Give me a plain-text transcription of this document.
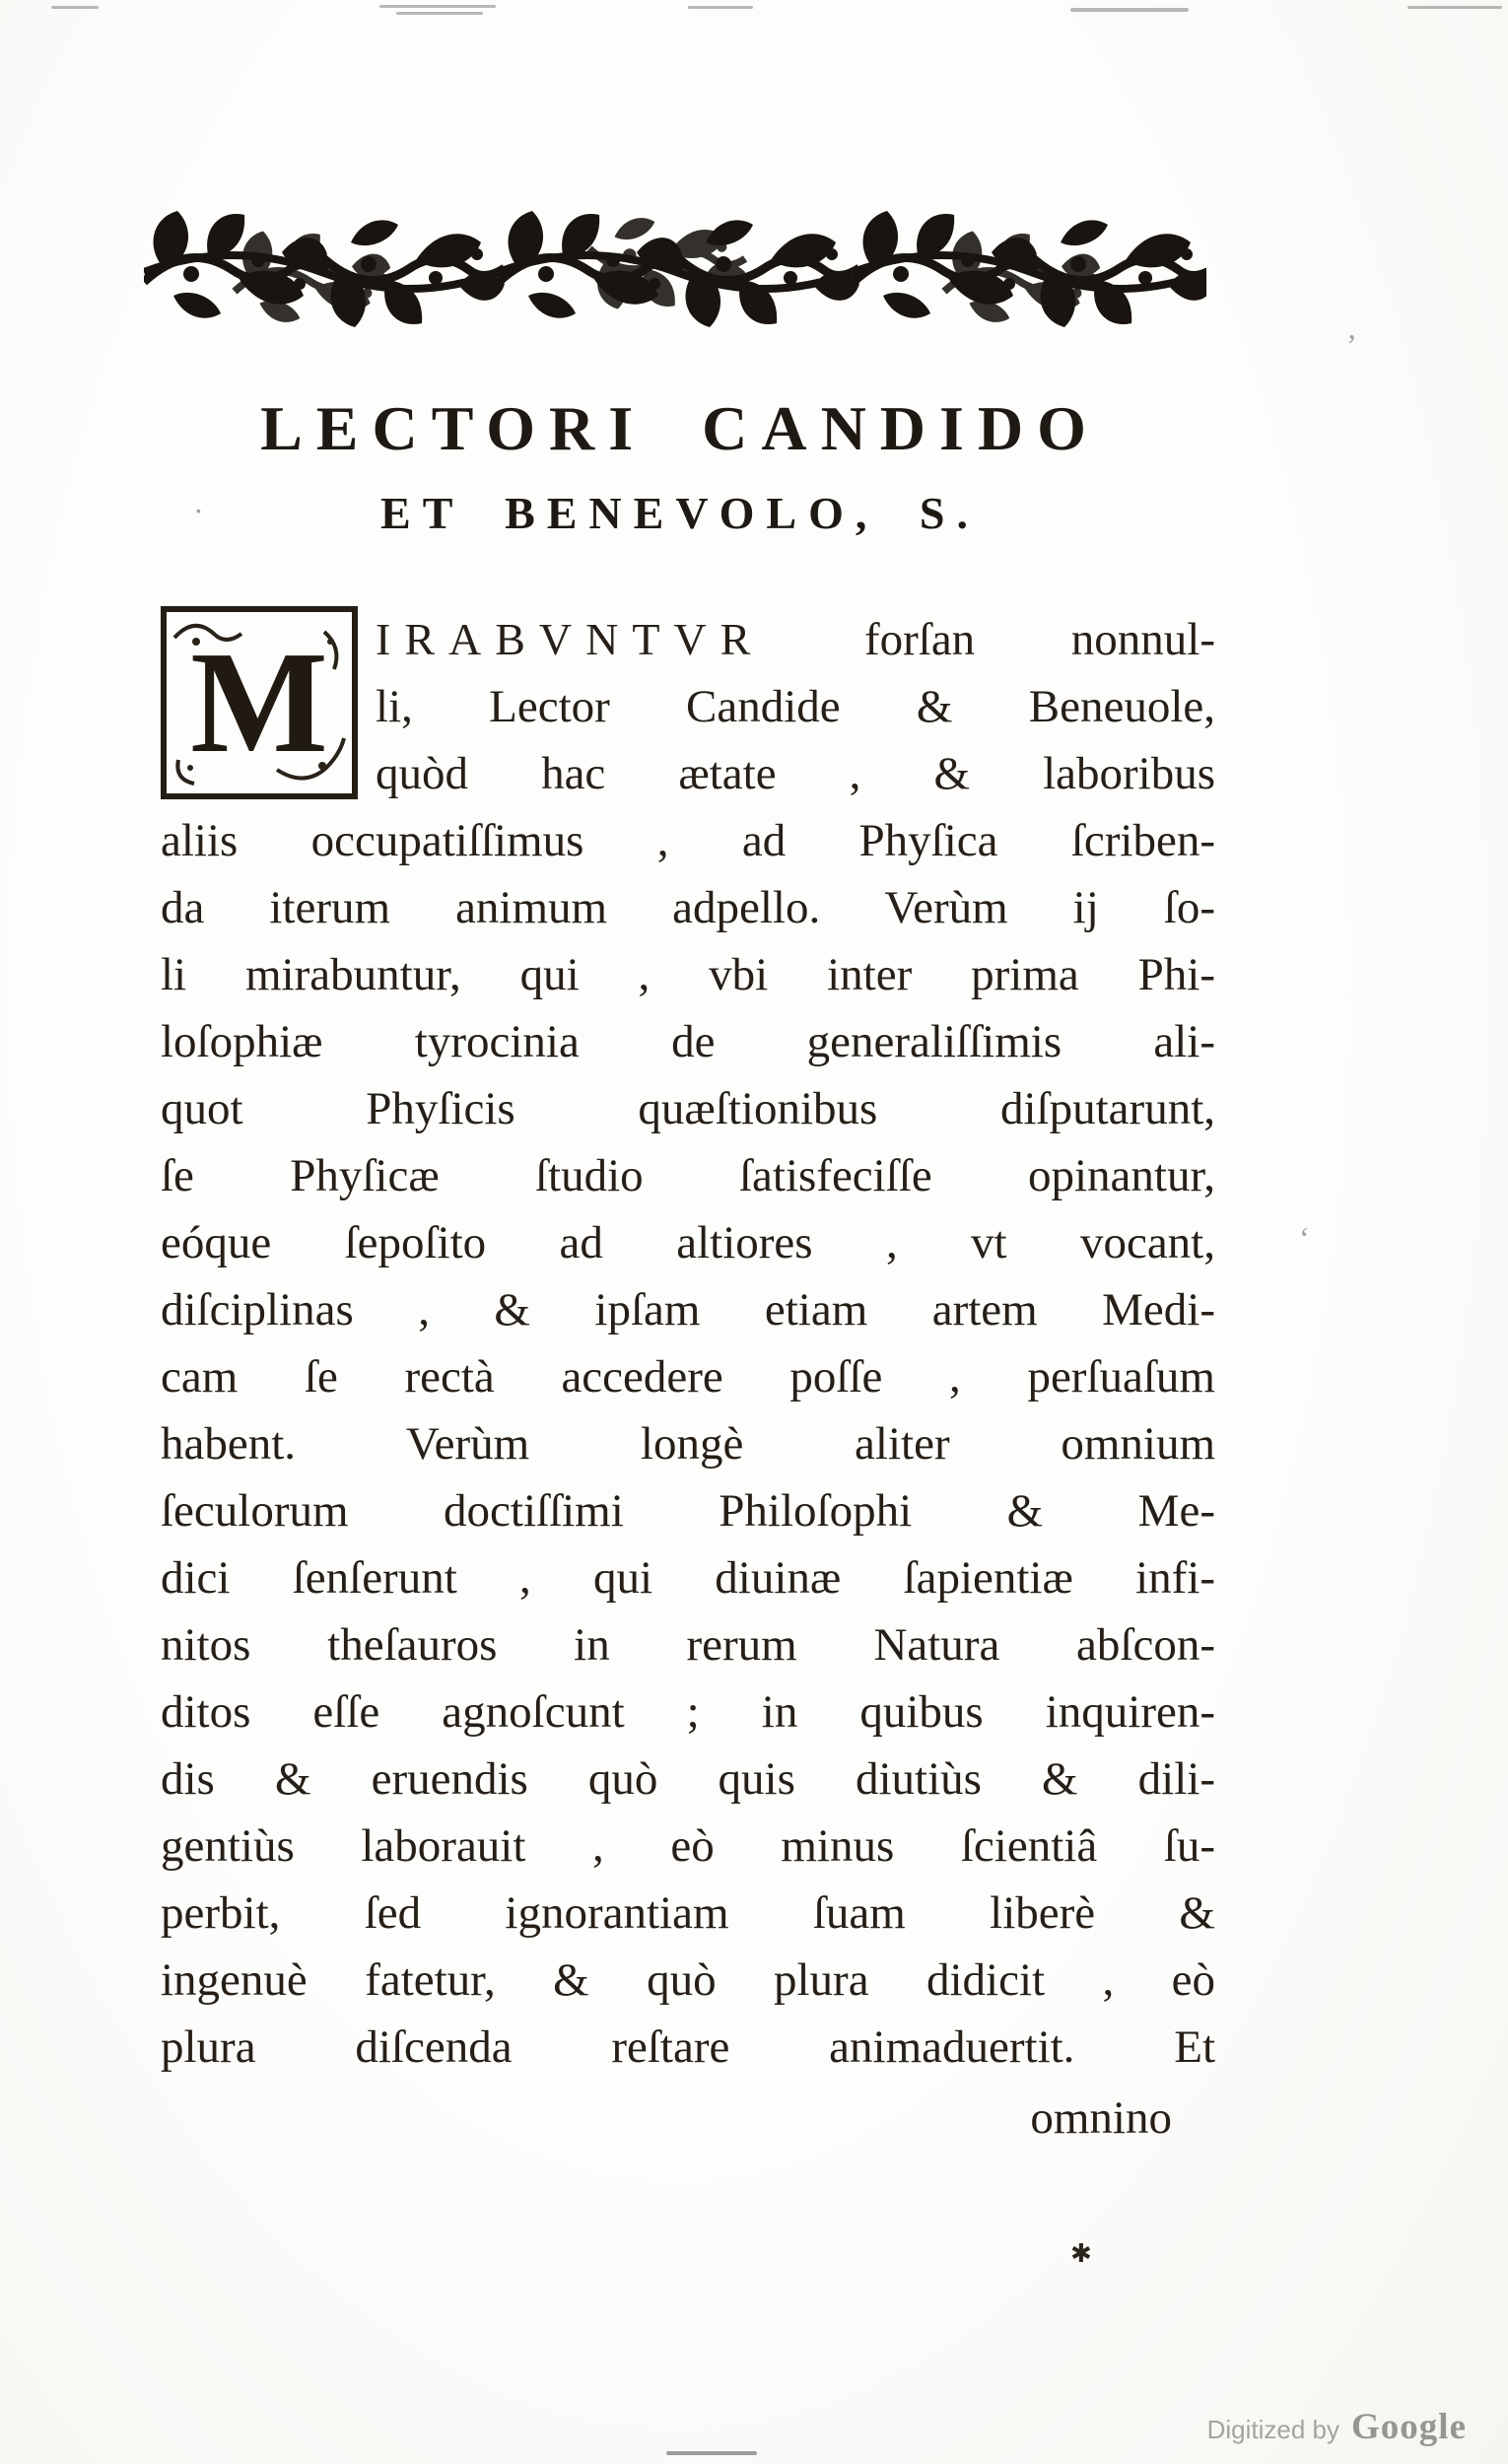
LECTORI CANDIDO
ET BENEVOLO, S.
·
M	IRABVNTVR forſan nonnul-
li, Lector Candide & Beneuole,
quòd hac ætate , & laboribus
aliis occupatiſſimus , ad Phyſica ſcriben-
da iterum animum adpello. Verùm ij ſo-
li mirabuntur, qui , vbi inter prima Phi-
loſophiæ tyrocinia de generaliſſimis ali-
quot Phyſicis quæſtionibus diſputarunt,
ſe Phyſicæ ſtudio ſatisfeciſſe opinantur,
eóque ſepoſito ad altiores , vt vocant,
diſciplinas , & ipſam etiam artem Medi-
cam ſe rectà accedere poſſe , perſuaſum
habent. Verùm longè aliter omnium
ſeculorum doctiſſimi Philoſophi & Me-
dici ſenſerunt , qui diuinæ ſapientiæ infi-
nitos theſauros in rerum Natura abſcon-
ditos eſſe agnoſcunt ; in quibus inquiren-
dis & eruendis quò quis diutiùs & dili-
gentiùs laborauit , eò minus ſcientiâ ſu-
perbit, ſed ignorantiam ſuam liberè &
ingenuè fatetur, & quò plura didicit , eò
plura diſcenda reſtare animaduertit. Et
omnino
✱
ʼ
ʻ
Digitized by Google
